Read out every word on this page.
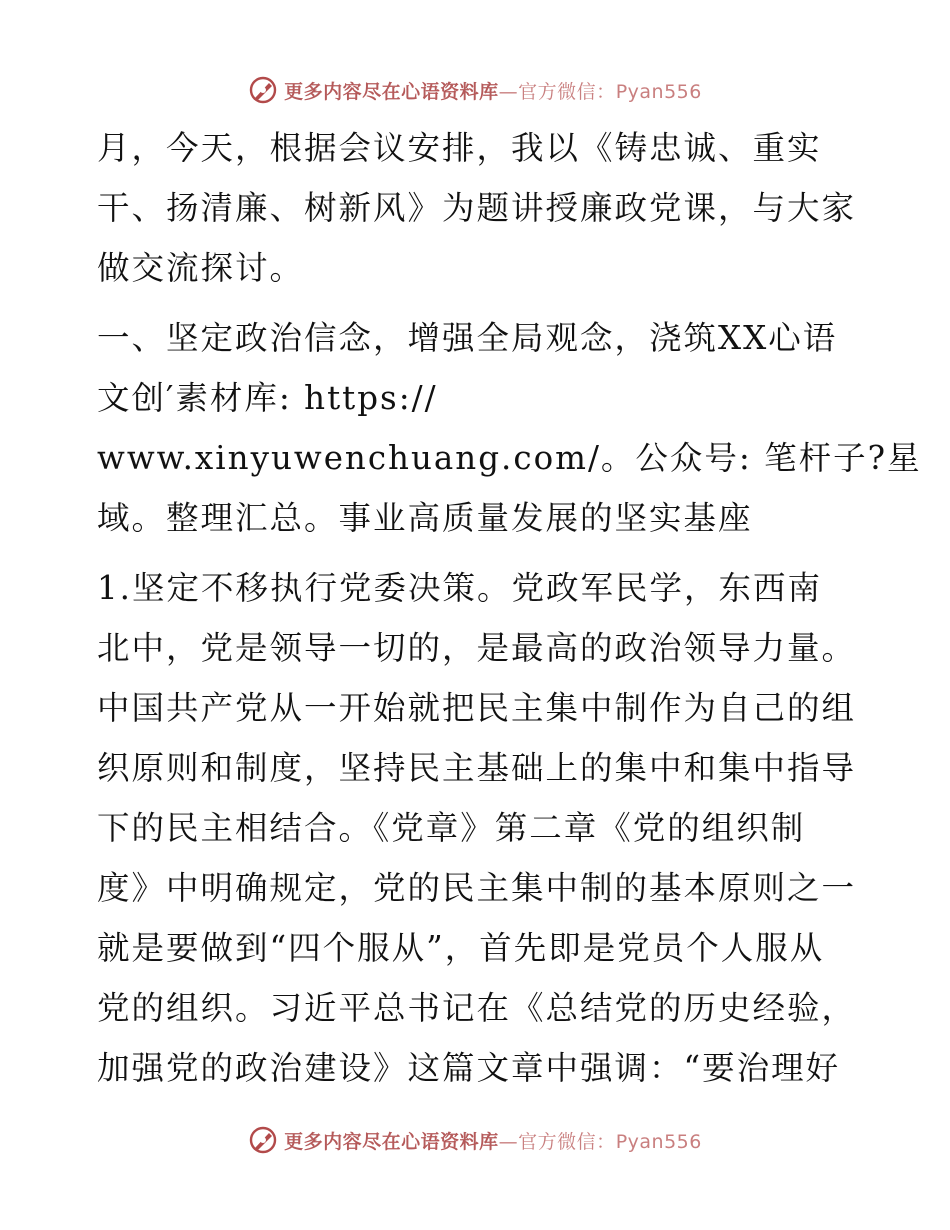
更多内容尽在心语资料库—官方微信：Pyan556

月，今天，根据会议安排，我以《铸忠诚、重实

干、扬清廉、树新风》为题讲授廉政党课，与大家

做交流探讨。

一、坚定政治信念，增强全局观念，浇筑XX心语

文创′素材库: https://

www.xinyuwenchuang.com/。公众号: 笔杆子?星

域。整理汇总。事业高质量发展的坚实基座

1.坚定不移执行党委决策。党政军民学，东西南

北中，党是领导一切的，是最高的政治领导力量。

中国共产党从一开始就把民主集中制作为自己的组

织原则和制度，坚持民主基础上的集中和集中指导

下的民主相结合。《党章》第二章《党的组织制

度》中明确规定，党的民主集中制的基本原则之一

就是要做到“四个服从”，首先即是党员个人服从

党的组织。习近平总书记在《总结党的历史经验，

加强党的政治建设》这篇文章中强调：“要治理好

更多内容尽在心语资料库—官方微信：Pyan556
